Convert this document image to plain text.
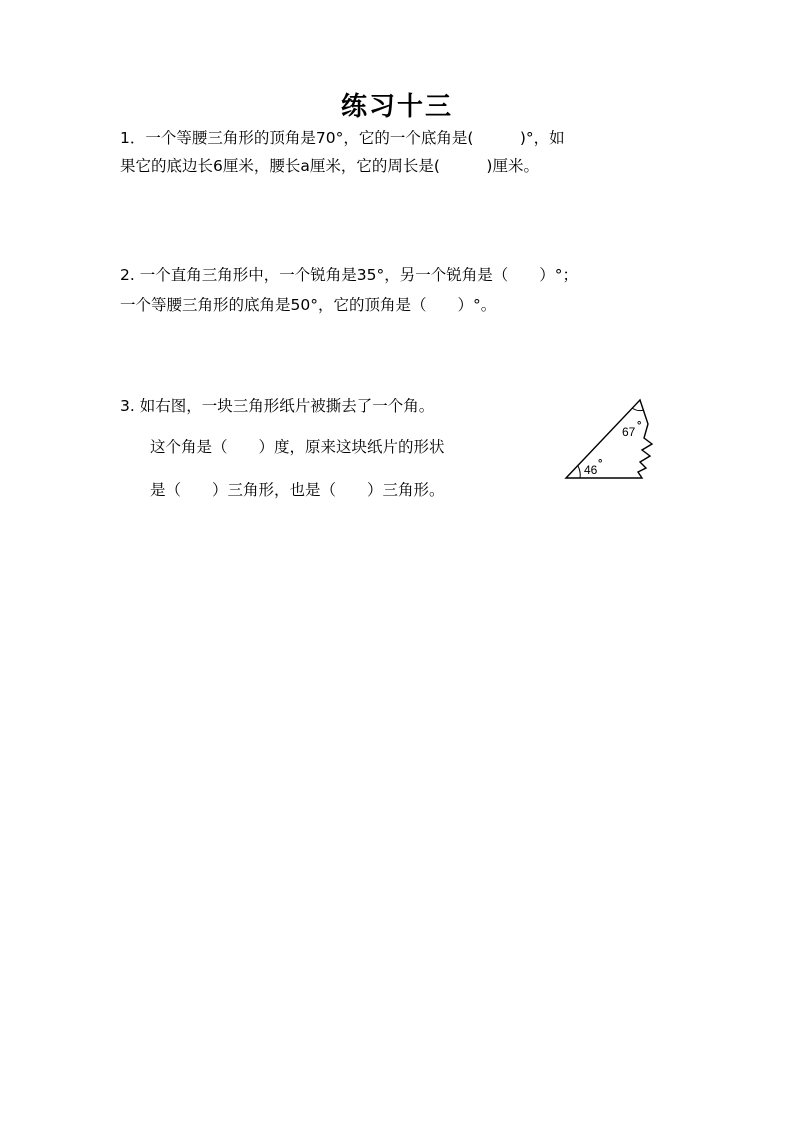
练习十三
1．一个等腰三角形的顶角是70°，它的一个底角是(　　　)°，如
果它的底边长6厘米，腰长a厘米，它的周长是(　　　)厘米。
2. 一个直角三角形中，一个锐角是35°，另一个锐角是（　　）°；
一个等腰三角形的底角是50°，它的顶角是（　　）°。
3. 如右图，一块三角形纸片被撕去了一个角。
这个角是（　　）度，原来这块纸片的形状
是（　　）三角形，也是（　　）三角形。
67 °
46 °
